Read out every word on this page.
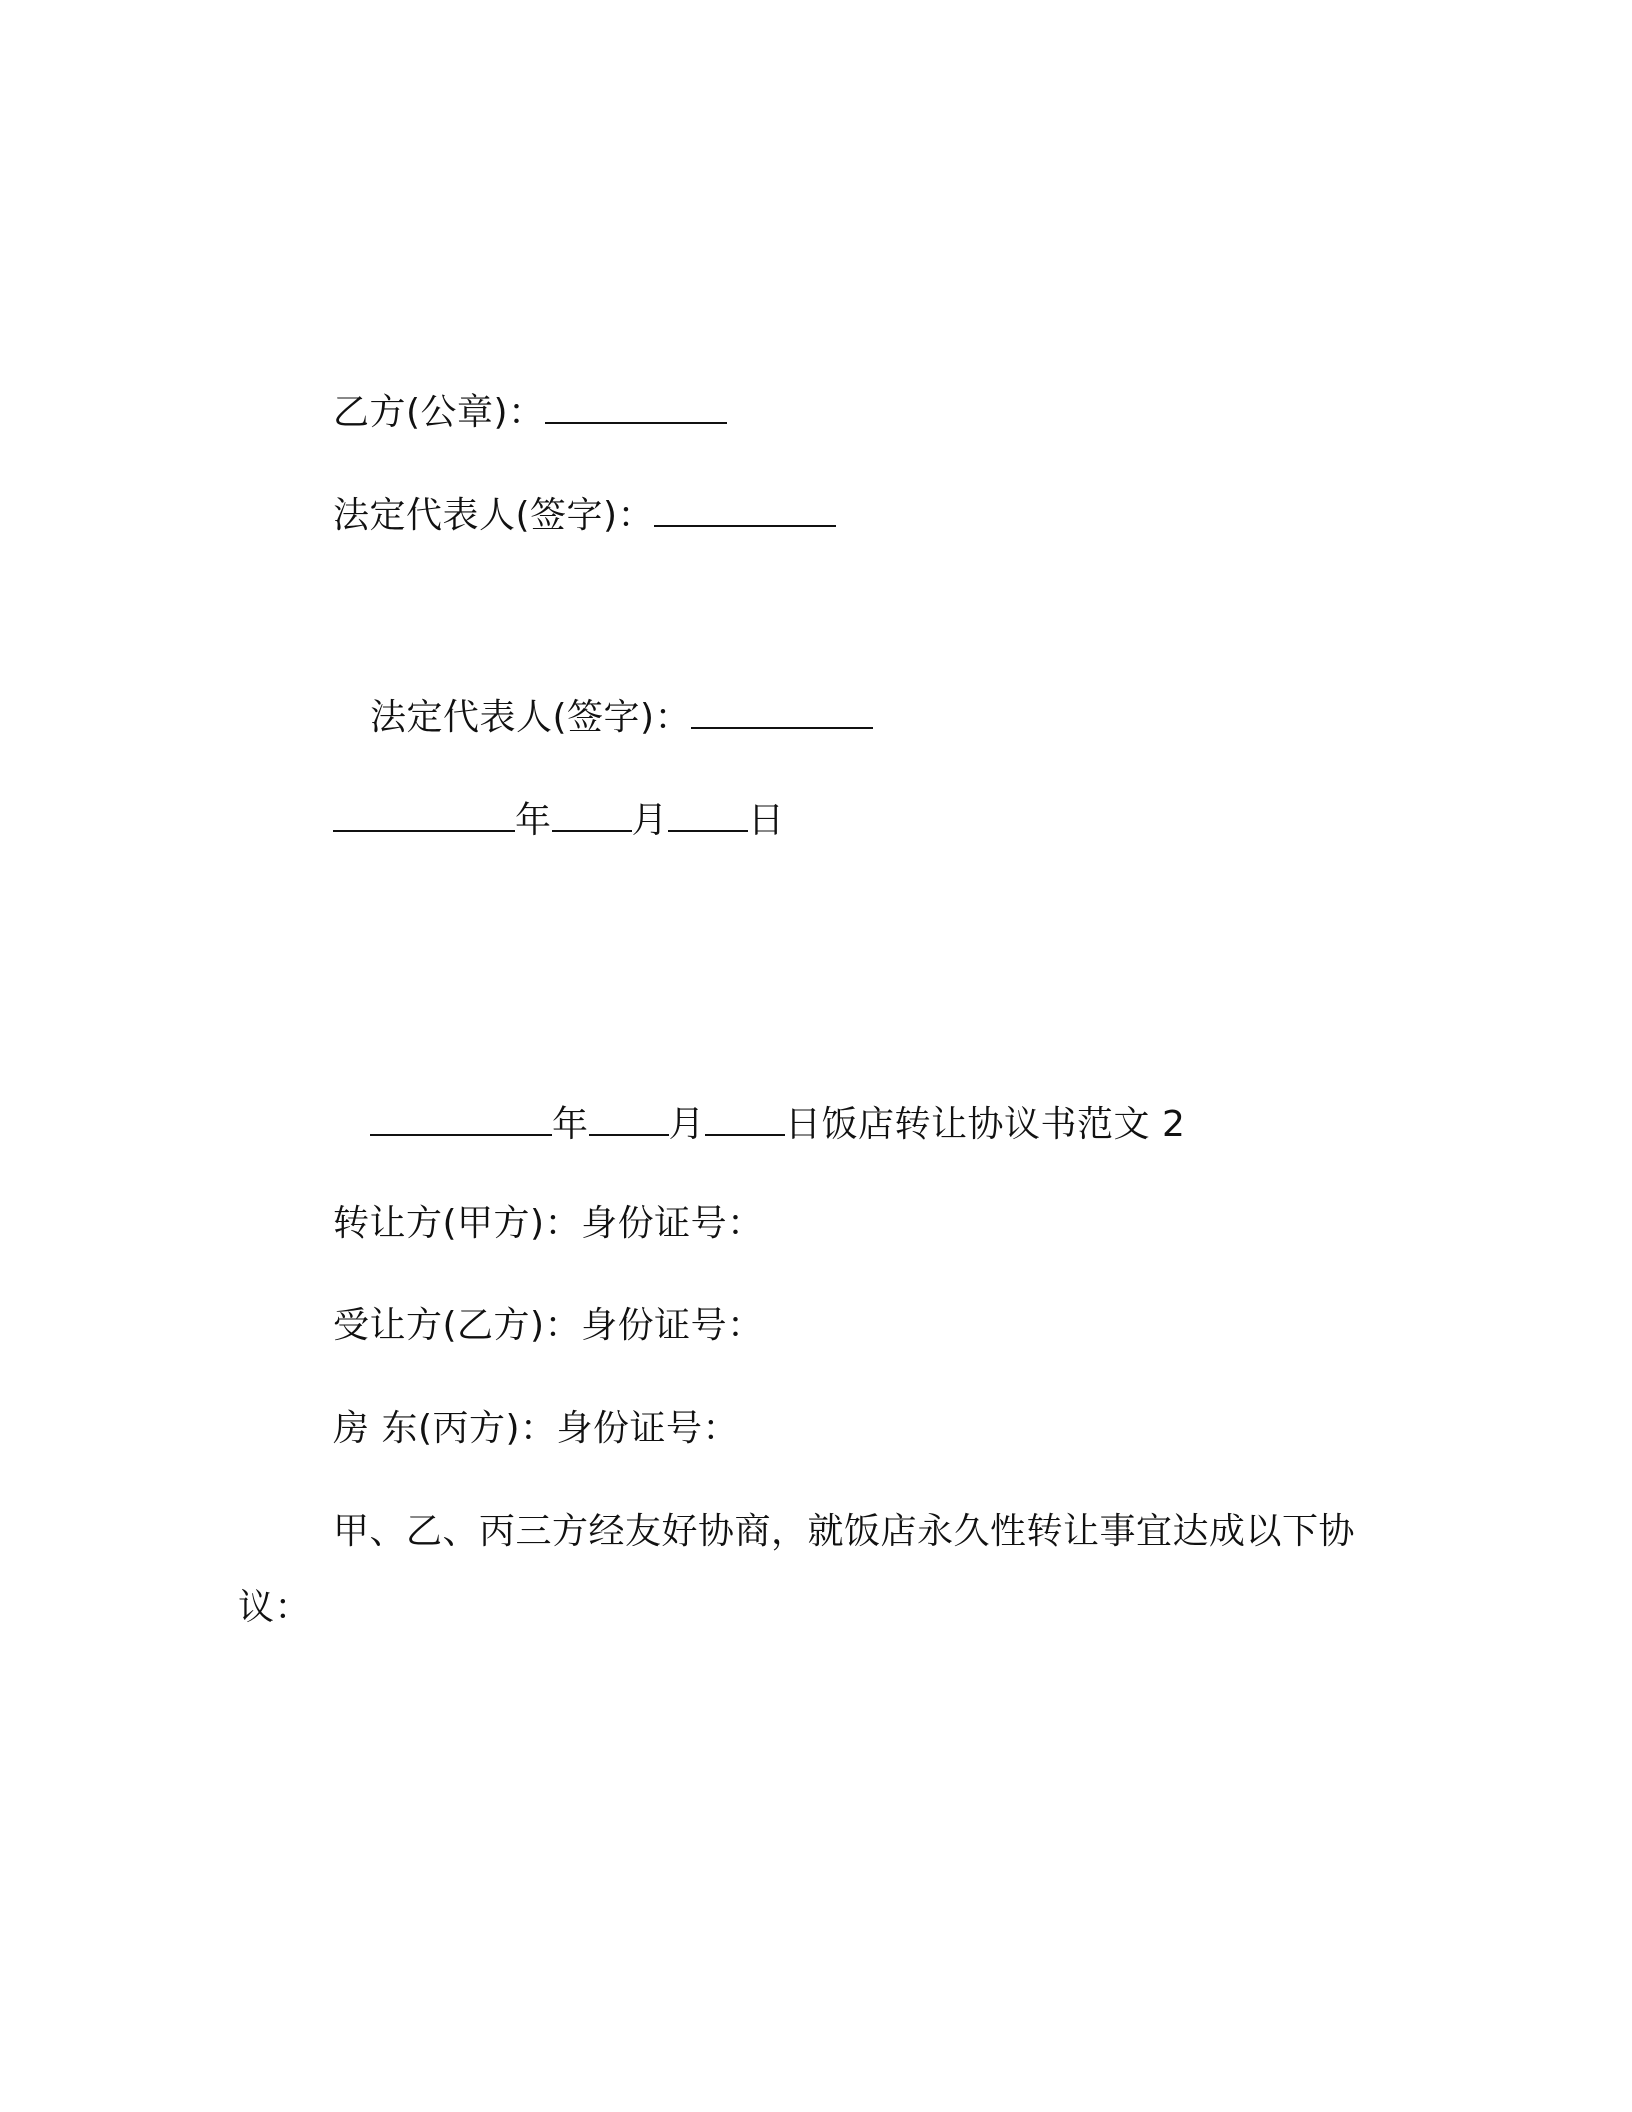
乙方(公章)：
法定代表人(签字)：
法定代表人(签字)：
年 月 日
年 月 日饭店转让协议书范文 2
转让方(甲方)：身份证号：
受让方(乙方)：身份证号：
房 东(丙方)：身份证号：
甲、乙、丙三方经友好协商，就饭店永久性转让事宜达成以下协
议：
